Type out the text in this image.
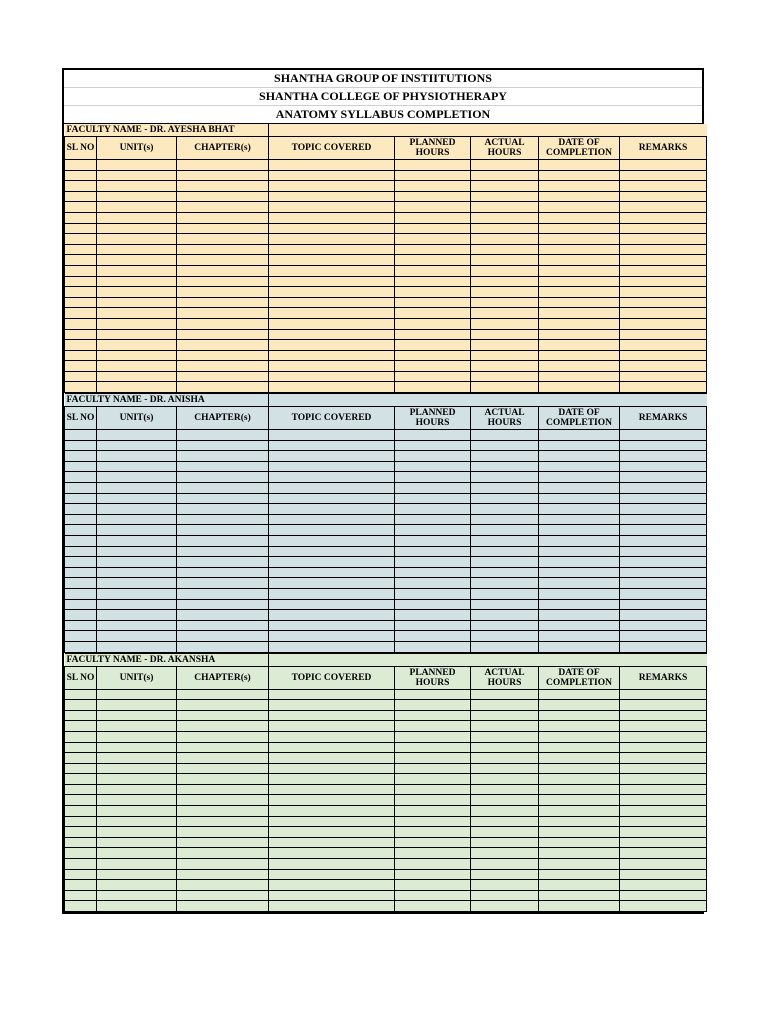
SHANTHA GROUP OF INSTIITUTIONS
SHANTHA COLLEGE OF PHYSIOTHERAPY
ANATOMY SYLLABUS COMPLETION
FACULTY NAME - DR. AYESHA BHAT							
SL NO	UNIT(s)	CHAPTER(s)	TOPIC COVERED	PLANNED HOURS	ACTUAL HOURS	DATE OF COMPLETION	REMARKS

FACULTY NAME - DR. ANISHA							
SL NO	UNIT(s)	CHAPTER(s)	TOPIC COVERED	PLANNED HOURS	ACTUAL HOURS	DATE OF COMPLETION	REMARKS

FACULTY NAME - DR. AKANSHA							
SL NO	UNIT(s)	CHAPTER(s)	TOPIC COVERED	PLANNED HOURS	ACTUAL HOURS	DATE OF COMPLETION	REMARKS
